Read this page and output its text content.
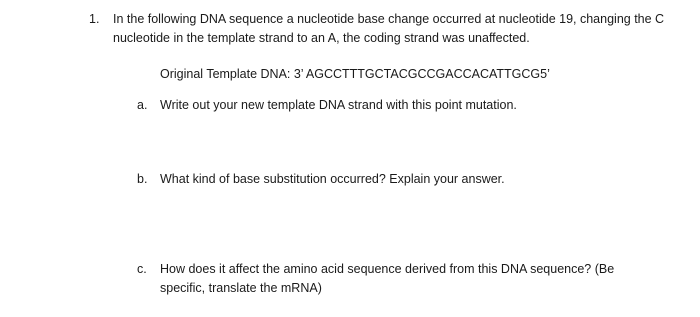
1. In the following DNA sequence a nucleotide base change occurred at nucleotide 19, changing the C nucleotide in the template strand to an A, the coding strand was unaffected.

Original Template DNA: 3’ AGCCTTTGCTACGCCGACCACATTGCG5’

a. Write out your new template DNA strand with this point mutation.

b. What kind of base substitution occurred? Explain your answer.

c. How does it affect the amino acid sequence derived from this DNA sequence? (Be specific, translate the mRNA)
